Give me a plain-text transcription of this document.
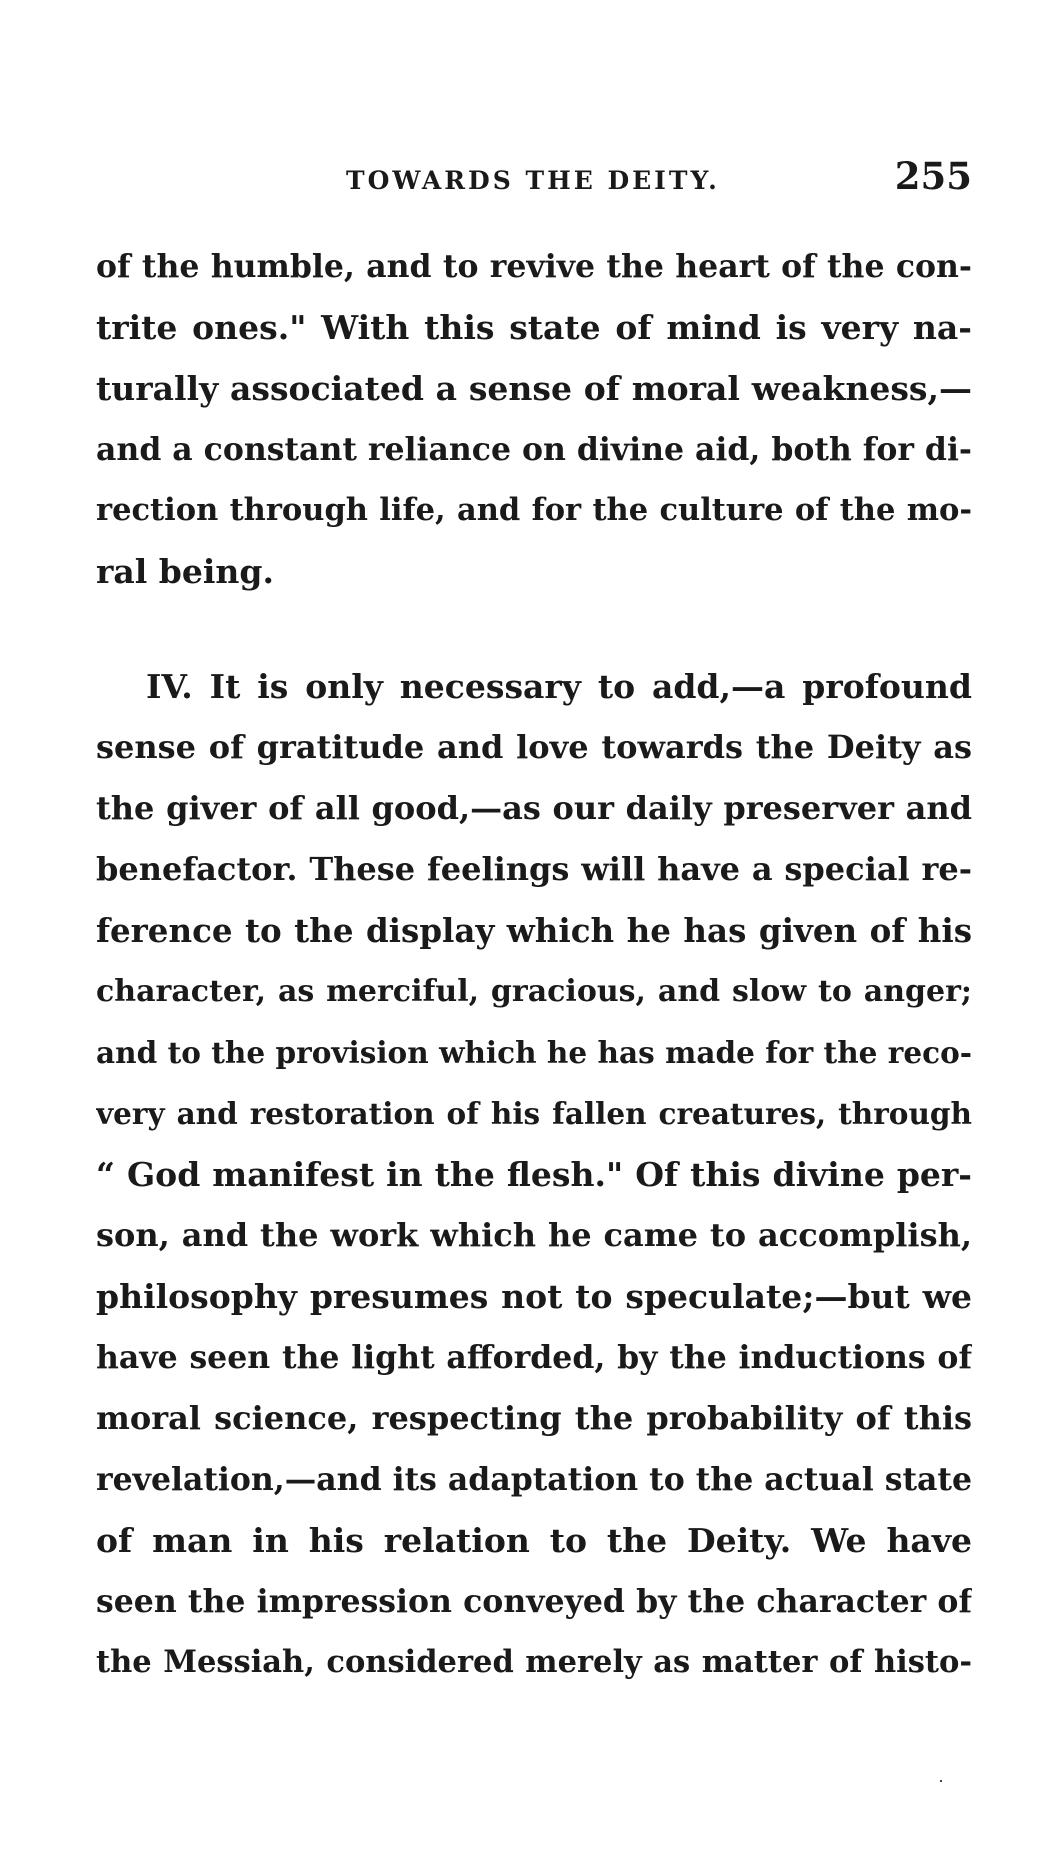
TOWARDS THE DEITY.	255
of the humble, and to revive the heart of the con-
trite ones." With this state of mind is very na-
turally associated a sense of moral weakness,—
and a constant reliance on divine aid, both for di-
rection through life, and for the culture of the mo-
ral being.
IV. It is only necessary to add,—a profound
sense of gratitude and love towards the Deity as
the giver of all good,—as our daily preserver and
benefactor. These feelings will have a special re-
ference to the display which he has given of his
character, as merciful, gracious, and slow to anger;
and to the provision which he has made for the reco-
very and restoration of his fallen creatures, through
“ God manifest in the flesh." Of this divine per-
son, and the work which he came to accomplish,
philosophy presumes not to speculate;—but we
have seen the light afforded, by the inductions of
moral science, respecting the probability of this
revelation,—and its adaptation to the actual state
of man in his relation to the Deity. We have
seen the impression conveyed by the character of
the Messiah, considered merely as matter of histo-
